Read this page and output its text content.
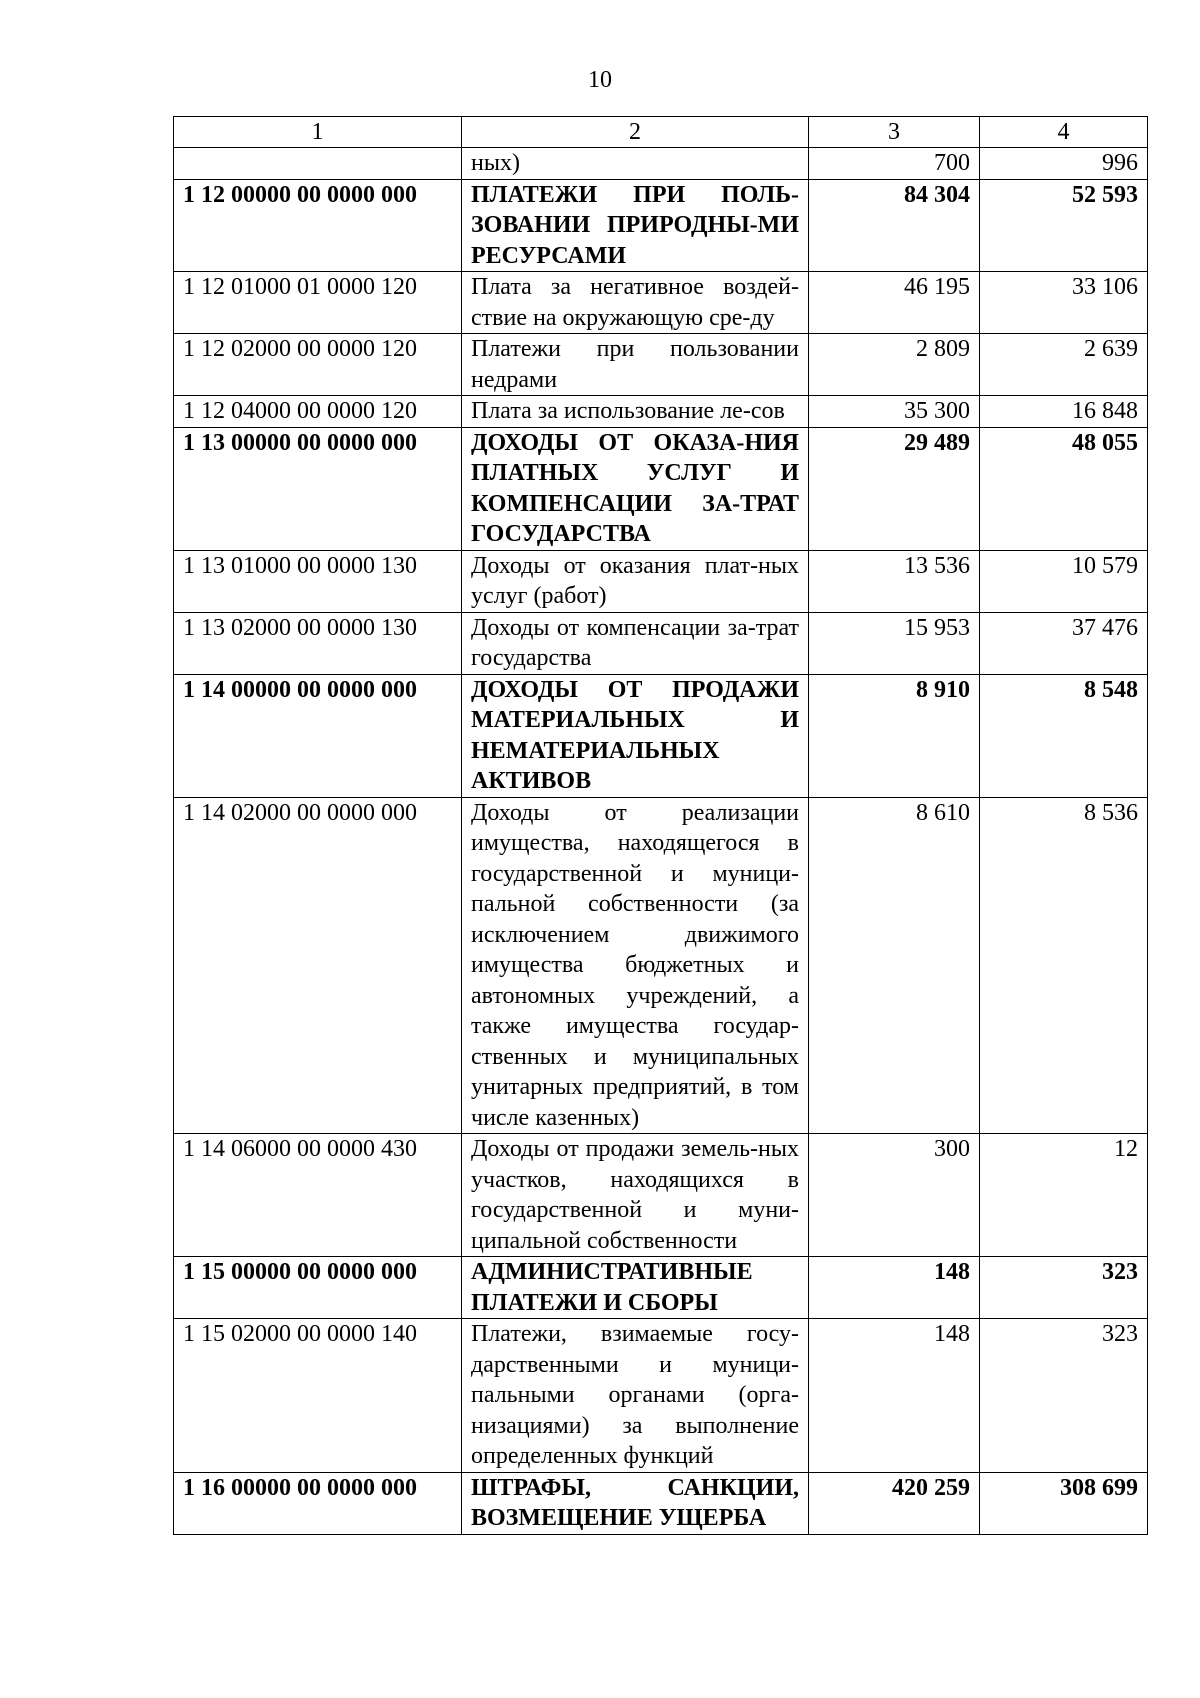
10
1	2	3	4
	ных)	700	996
1 12 00000 00 0000 000	ПЛАТЕЖИ ПРИ ПОЛЬ-ЗОВАНИИ ПРИРОДНЫ-МИ РЕСУРСАМИ	84 304	52 593
1 12 01000 01 0000 120	Плата за негативное воздей-ствие на окружающую сре-ду	46 195	33 106
1 12 02000 00 0000 120	Платежи при пользовании недрами	2 809	2 639
1 12 04000 00 0000 120	Плата за использование ле-сов	35 300	16 848
1 13 00000 00 0000 000	ДОХОДЫ ОТ ОКАЗА-НИЯ ПЛАТНЫХ УСЛУГ И КОМПЕНСАЦИИ ЗА-ТРАТ ГОСУДАРСТВА	29 489	48 055
1 13 01000 00 0000 130	Доходы от оказания плат-ных услуг (работ)	13 536	10 579
1 13 02000 00 0000 130	Доходы от компенсации за-трат государства	15 953	37 476
1 14 00000 00 0000 000	ДОХОДЫ ОТ ПРОДАЖИ МАТЕРИАЛЬНЫХ И НЕМАТЕРИАЛЬНЫХ АКТИВОВ	8 910	8 548
1 14 02000 00 0000 000	Доходы от реализации имущества, находящегося в государственной и муници-пальной собственности (за исключением движимого имущества бюджетных и автономных учреждений, а также имущества государ-ственных и муниципальных унитарных предприятий, в том числе казенных)	8 610	8 536
1 14 06000 00 0000 430	Доходы от продажи земель-ных участков, находящихся в государственной и муни-ципальной собственности	300	12
1 15 00000 00 0000 000	АДМИНИСТРАТИВНЫЕ ПЛАТЕЖИ И СБОРЫ	148	323
1 15 02000 00 0000 140	Платежи, взимаемые госу-дарственными и муници-пальными органами (орга-низациями) за выполнение определенных функций	148	323
1 16 00000 00 0000 000	ШТРАФЫ, САНКЦИИ, ВОЗМЕЩЕНИЕ УЩЕРБА	420 259	308 699
